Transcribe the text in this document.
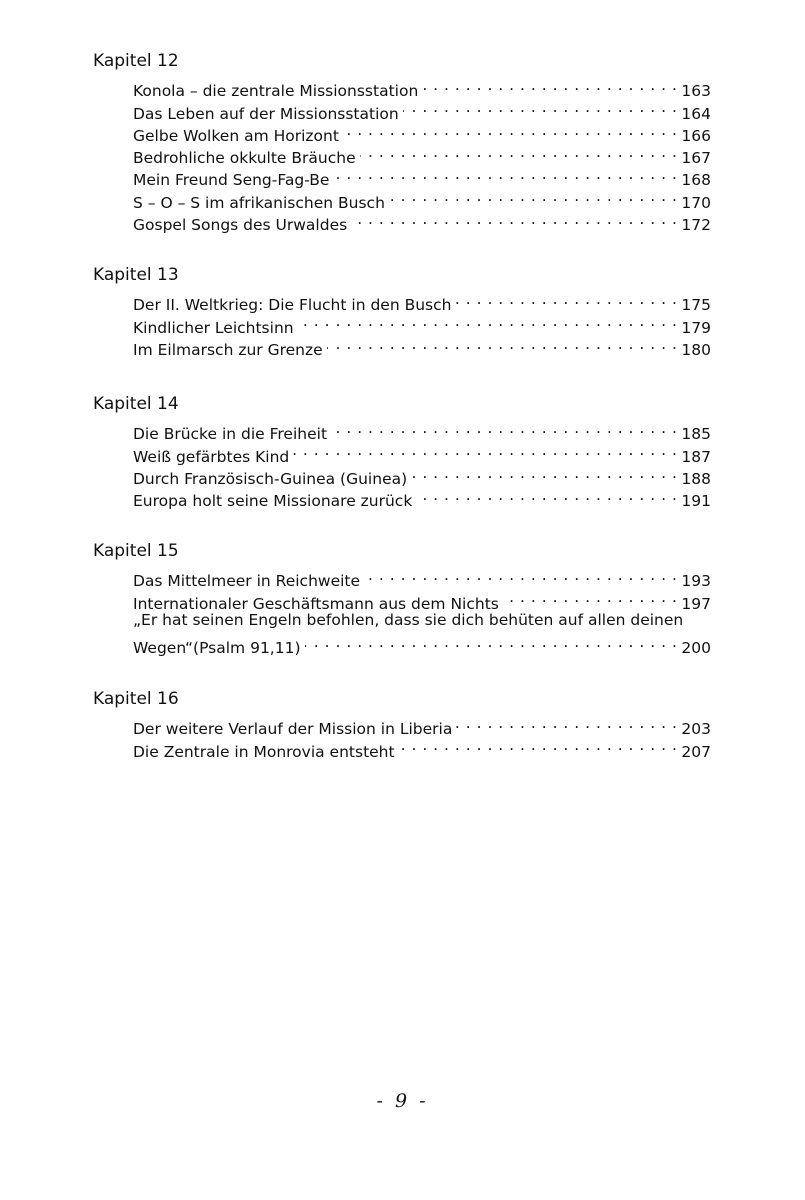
Kapitel 12
Konola – die zentrale Missionsstation . . .	163
Das Leben auf der Missionsstation . . .	164
Gelbe Wolken am Horizont . . .	166
Bedrohliche okkulte Bräuche . . .	167
Mein Freund Seng-Fag-Be . . .	168
S – O – S im afrikanischen Busch . . .	170
Gospel Songs des Urwaldes . . .	172
Kapitel 13
Der II. Weltkrieg: Die Flucht in den Busch . . .	175
Kindlicher Leichtsinn . . .	179
Im Eilmarsch zur Grenze . . .	180
Kapitel 14
Die Brücke in die Freiheit . . .	185
Weiß gefärbtes Kind . . .	187
Durch Französisch-Guinea (Guinea) . . .	188
Europa holt seine Missionare zurück . . .	191
Kapitel 15
Das Mittelmeer in Reichweite . . .	193
Internationaler Geschäftsmann aus dem Nichts . . .	197
„Er hat seinen Engeln befohlen, dass sie dich behüten auf allen deinen
Wegen“(Psalm 91,11) . . .	200
Kapitel 16
Der weitere Verlauf der Mission in Liberia . . .	203
Die Zentrale in Monrovia entsteht . . .	207
- 9 -
